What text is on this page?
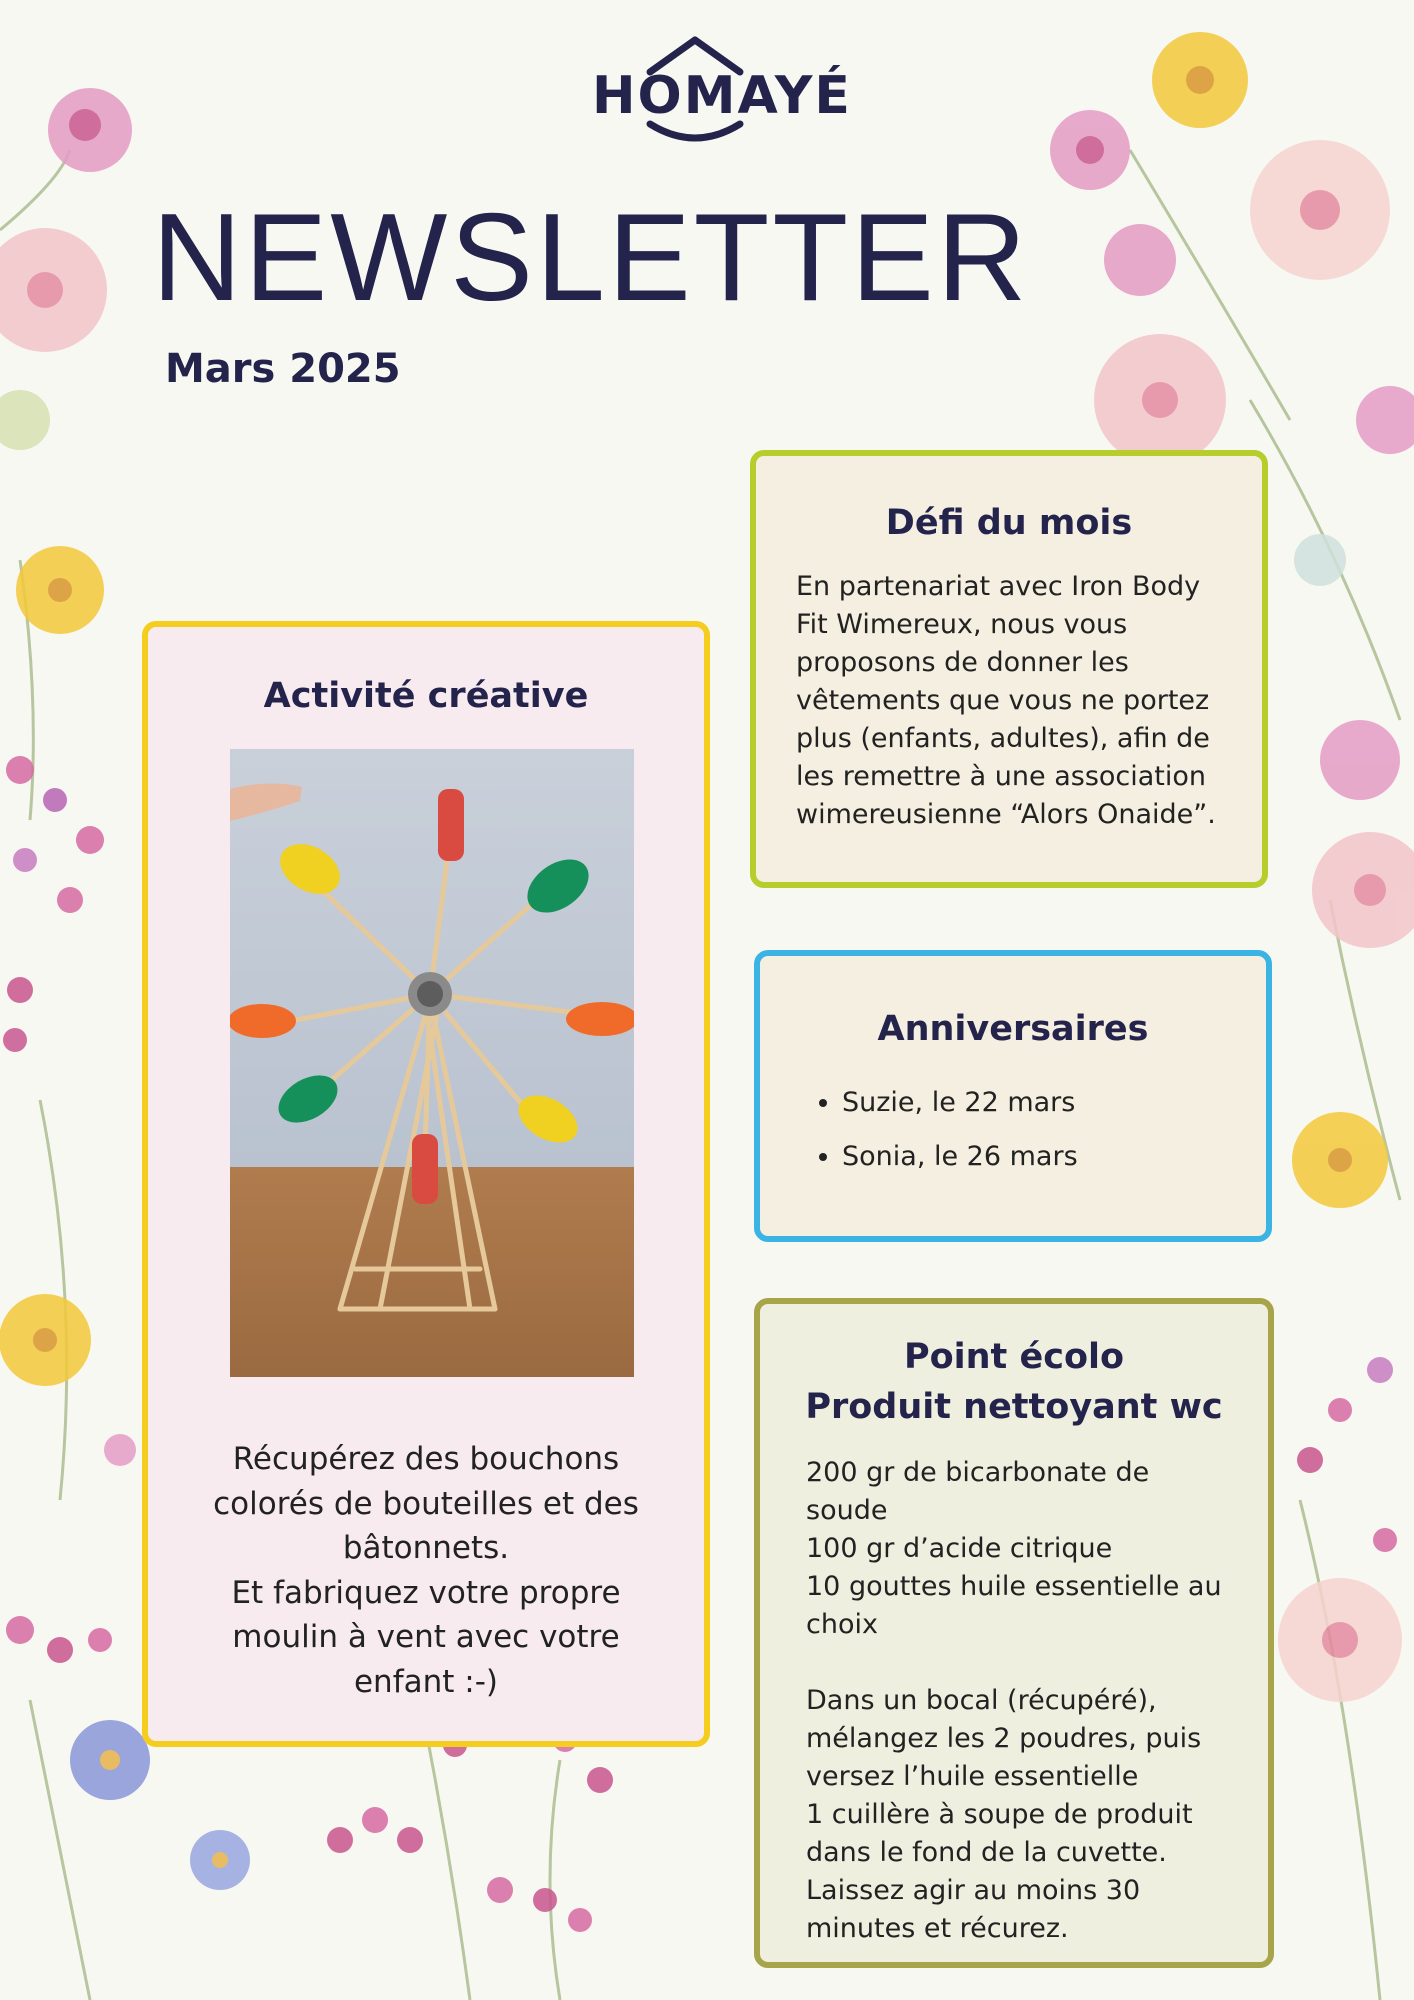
HOMAYÉ
NEWSLETTER
Mars 2025
Activité créative

Récupérez des bouchons
colorés de bouteilles et des
bâtonnets.
Et fabriquez votre propre
moulin à vent avec votre
enfant :-)

Défi du mois

En partenariat avec Iron Body
Fit Wimereux, nous vous
proposons de donner les
vêtements que vous ne portez
plus (enfants, adultes), afin de
les remettre à une association
wimereusienne “Alors Onaide”.

Anniversaires
• Suzie, le 22 mars
• Sonia, le 26 mars
Point écolo
Produit nettoyant wc

200 gr de bicarbonate de
soude
100 gr d’acide citrique
10 gouttes huile essentielle au
choix

Dans un bocal (récupéré),
mélangez les 2 poudres, puis
versez l’huile essentielle
1 cuillère à soupe de produit
dans le fond de la cuvette.
Laissez agir au moins 30
minutes et récurez.
